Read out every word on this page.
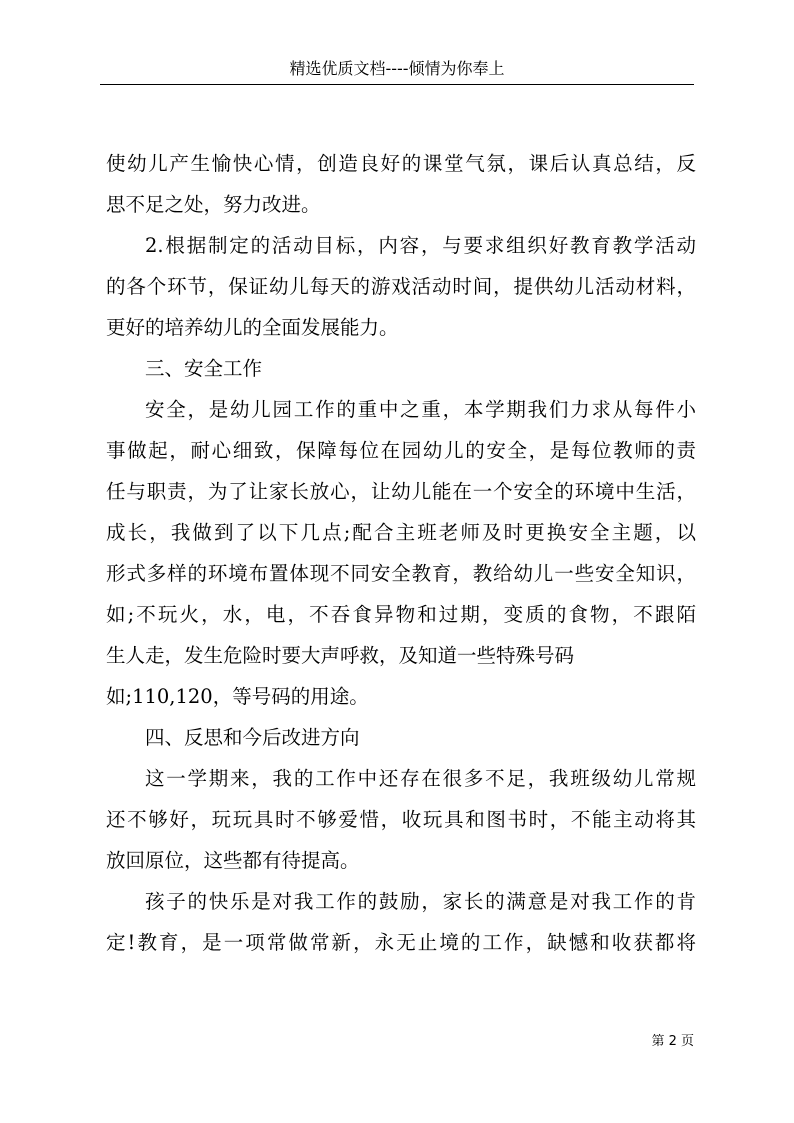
精选优质文档----倾情为你奉上
使幼儿产生愉快心情，创造良好的课堂气氛，课后认真总结，反
思不足之处，努力改进。
2.根据制定的活动目标，内容，与要求组织好教育教学活动
的各个环节，保证幼儿每天的游戏活动时间，提供幼儿活动材料，
更好的培养幼儿的全面发展能力。
三、安全工作
安全，是幼儿园工作的重中之重，本学期我们力求从每件小
事做起，耐心细致，保障每位在园幼儿的安全，是每位教师的责
任与职责，为了让家长放心，让幼儿能在一个安全的环境中生活，
成长，我做到了以下几点;配合主班老师及时更换安全主题，以
形式多样的环境布置体现不同安全教育，教给幼儿一些安全知识，
如;不玩火，水，电，不吞食异物和过期，变质的食物，不跟陌
生人走，发生危险时要大声呼救，及知道一些特殊号码
如;110,120，等号码的用途。
四、反思和今后改进方向
这一学期来，我的工作中还存在很多不足，我班级幼儿常规
还不够好，玩玩具时不够爱惜，收玩具和图书时，不能主动将其
放回原位，这些都有待提高。
孩子的快乐是对我工作的鼓励，家长的满意是对我工作的肯
定!教育，是一项常做常新，永无止境的工作，缺憾和收获都将
第 2 页
